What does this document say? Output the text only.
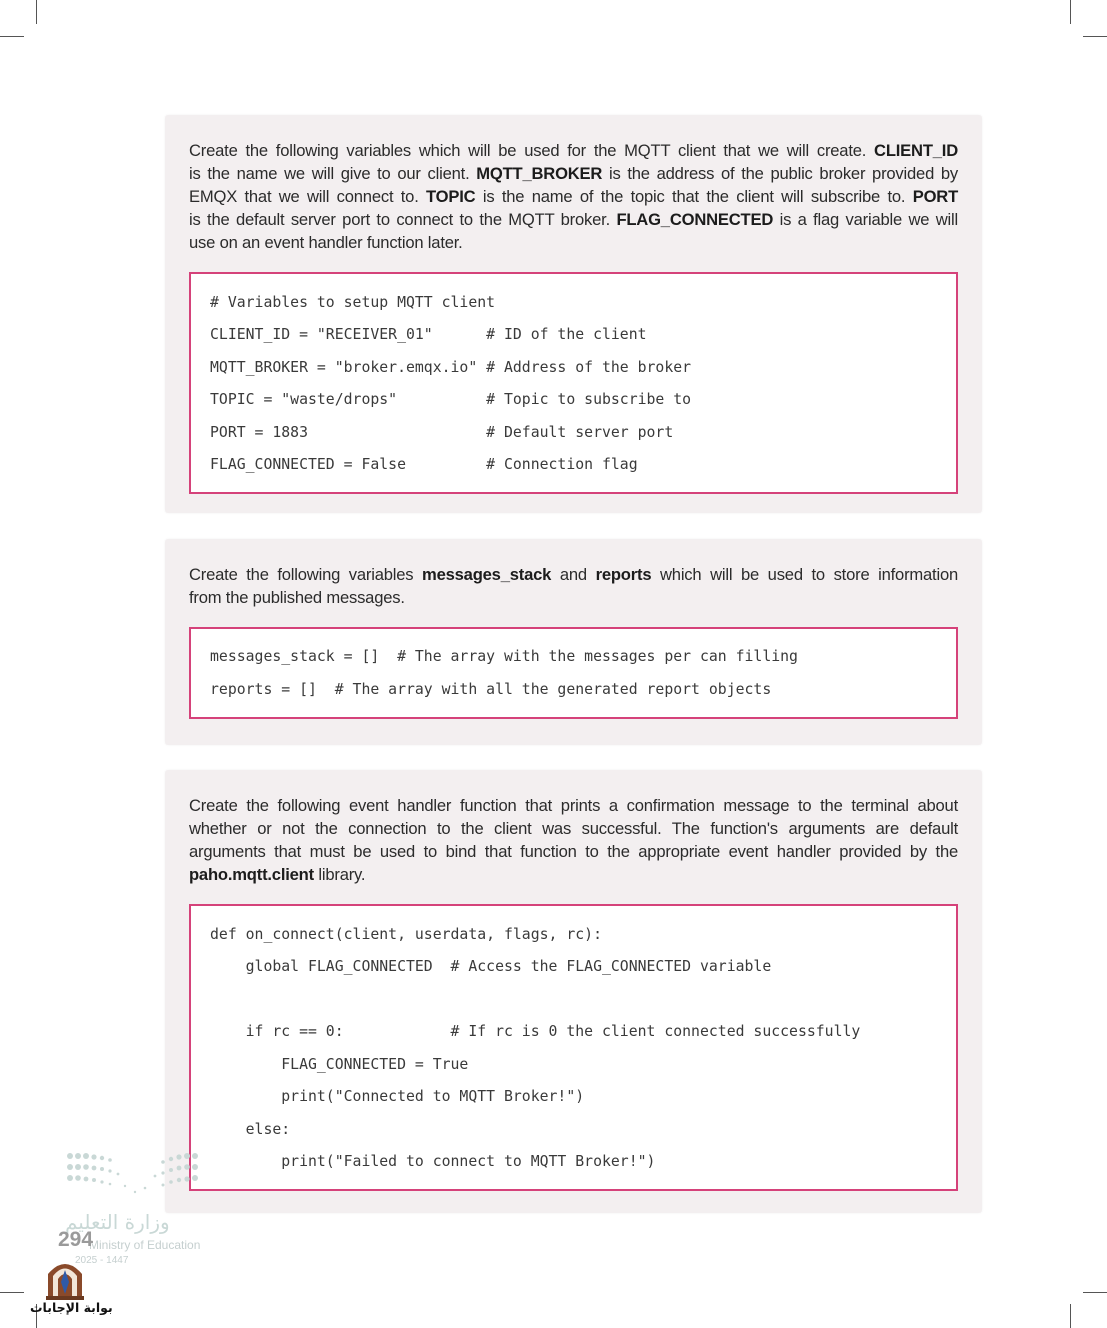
Create the following variables which will be used for the MQTT client that we will create. CLIENT_ID
is the name we will give to our client. MQTT_BROKER is the address of the public broker provided by
EMQX that we will connect to. TOPIC is the name of the topic that the client will subscribe to. PORT
is the default server port to connect to the MQTT broker. FLAG_CONNECTED is a flag variable we will
use on an event handler function later.
# Variables to setup MQTT client
CLIENT_ID = "RECEIVER_01"      # ID of the client
MQTT_BROKER = "broker.emqx.io" # Address of the broker
TOPIC = "waste/drops"          # Topic to subscribe to
PORT = 1883                    # Default server port
FLAG_CONNECTED = False         # Connection flag
Create the following variables messages_stack and reports which will be used to store information
from the published messages.
messages_stack = []  # The array with the messages per can filling
reports = []  # The array with all the generated report objects
Create the following event handler function that prints a confirmation message to the terminal about
whether or not the connection to the client was successful. The function's arguments are default
arguments that must be used to bind that function to the appropriate event handler provided by the
paho.mqtt.client library.
def on_connect(client, userdata, flags, rc):
global FLAG_CONNECTED  # Access the FLAG_CONNECTED variable
if rc == 0:            # If rc is 0 the client connected successfully
FLAG_CONNECTED = True
print("Connected to MQTT Broker!")
else:
print("Failed to connect to MQTT Broker!")
وزارة التعليم
Ministry of Education
2025 - 1447
294
بوابة الإجابات
